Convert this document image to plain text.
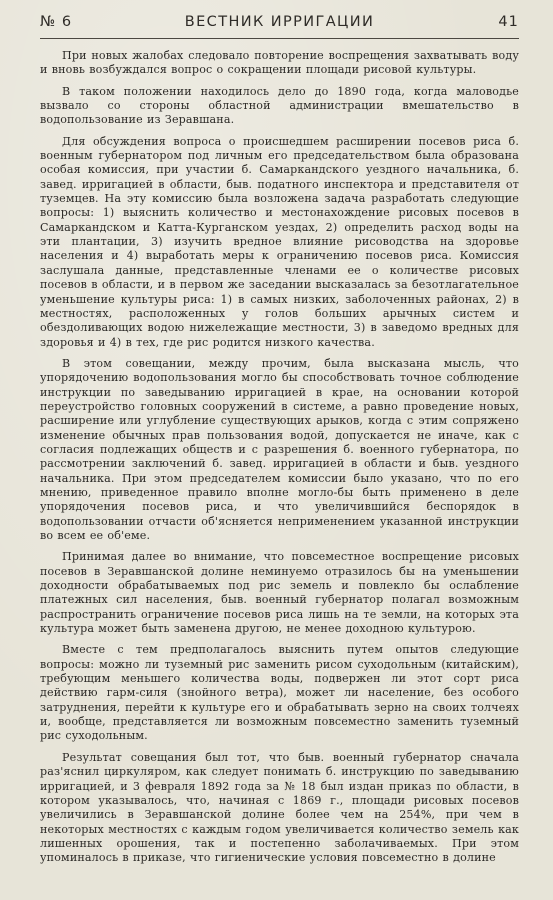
№ 6	ВЕСТНИК ИРРИГАЦИИ	41

При новых жалобах следовало повторение воспрещения захватывать воду и вновь возбуждался вопрос о сокращении площади рисовой культуры.

В таком положении находилось дело до 1890 года, когда маловодье вызвало со стороны областной администрации вмешательство в водопользование из Зеравшана.

Для обсуждения вопроса о происшедшем расширении посевов риса б. военным губернатором под личным его председательством была образована особая комиссия, при участии б. Самаркандского уездного начальника, б. завед. ирригацией в области, быв. податного инспектора и представителя от туземцев. На эту комиссию была возложена задача разработать следующие вопросы: 1) выяснить количество и местонахождение рисовых посевов в Самаркандском и Катта-Курганском уездах, 2) определить расход воды на эти плантации, 3) изучить вредное влияние рисоводства на здоровье населения и 4) выработать меры к ограничению посевов риса. Комиссия заслушала данные, представленные членами ее о количестве рисовых посевов в области, и в первом же заседании высказалась за безотлагательное уменьшение культуры риса: 1) в самых низких, заболоченных районах, 2) в местностях, расположенных у голов больших арычных систем и обездоливающих водою нижележащие местности, 3) в заведомо вредных для здоровья и 4) в тех, где рис родится низкого качества.

В этом совещании, между прочим, была высказана мысль, что упорядочению водопользования могло бы способствовать точное соблюдение инструкции по заведыванию ирригацией в крае, на основании которой переустройство головных сооружений в системе, а равно проведение новых, расширение или углубление существующих арыков, когда с этим сопряжено изменение обычных прав пользования водой, допускается не иначе, как с согласия подлежащих обществ и с разрешения б. военного губернатора, по рассмотрении заключений б. завед. ирригацией в области и быв. уездного начальника. При этом председателем комиссии было указано, что по его мнению, приведенное правило вполне могло-бы быть применено в деле упорядочения посевов риса, и что увеличившийся беспорядок в водопользовании отчасти об'ясняется неприменением указанной инструкции во всем ее об'еме.

Принимая далее во внимание, что повсеместное воспрещение рисовых посевов в Зеравшанской долине неминуемо отразилось бы на уменьшении доходности обрабатываемых под рис земель и повлекло бы ослабление платежных сил населения, быв. военный губернатор полагал возможным распространить ограничение посевов риса лишь на те земли, на которых эта культура может быть заменена другою, не менее доходною культурою.

Вместе с тем предполагалось выяснить путем опытов следующие вопросы: можно ли туземный рис заменить рисом суходольным (китайским), требующим меньшего количества воды, подвержен ли этот сорт риса действию гарм-силя (знойного ветра), может ли население, без особого затруднения, перейти к культуре его и обрабатывать зерно на своих толчеях и, вообще, представляется ли возможным повсеместно заменить туземный рис суходольным.

Результат совещания был тот, что быв. военный губернатор сначала раз'яснил циркуляром, как следует понимать б. инструкцию по заведыванию ирригацией, и 3 февраля 1892 года за № 18 был издан приказ по области, в котором указывалось, что, начиная с 1869 г., площади рисовых посевов увеличились в Зеравшанской долине более чем на 254%, при чем в некоторых местностях с каждым годом увеличивается количество земель как лишенных орошения, так и постепенно заболачиваемых. При этом упоминалось в приказе, что гигиенические условия повсеместно в долине
